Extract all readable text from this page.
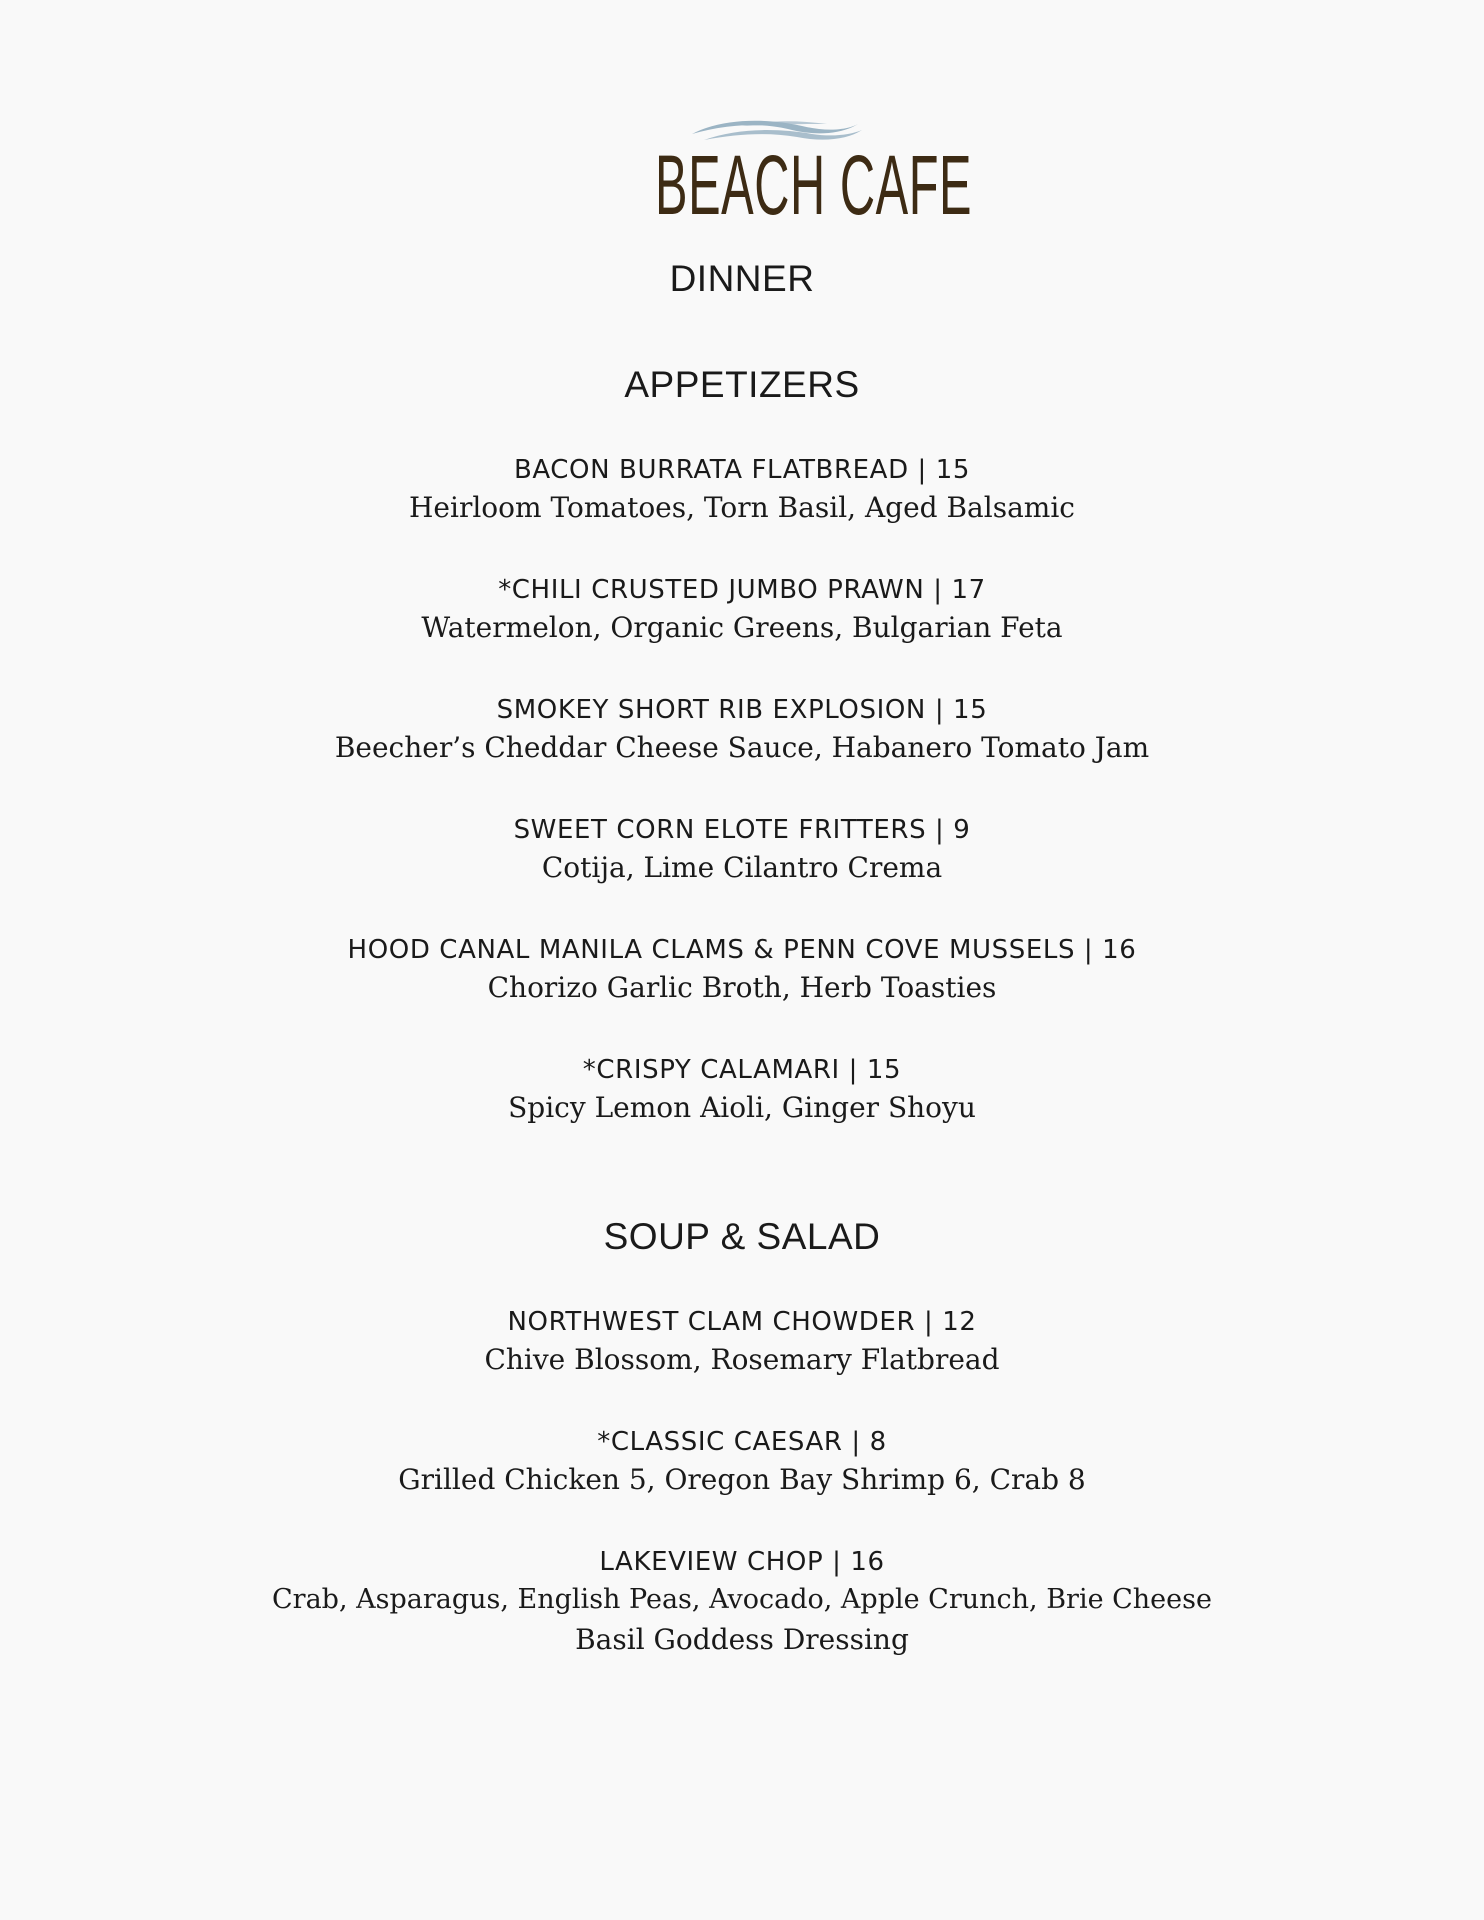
BEACH CAFE
DINNER
APPETIZERS
BACON BURRATA FLATBREAD | 15
Heirloom Tomatoes, Torn Basil, Aged Balsamic
*CHILI CRUSTED JUMBO PRAWN | 17
Watermelon, Organic Greens, Bulgarian Feta
SMOKEY SHORT RIB EXPLOSION | 15
Beecher’s Cheddar Cheese Sauce, Habanero Tomato Jam
SWEET CORN ELOTE FRITTERS | 9
Cotija, Lime Cilantro Crema
HOOD CANAL MANILA CLAMS & PENN COVE MUSSELS | 16
Chorizo Garlic Broth, Herb Toasties
*CRISPY CALAMARI | 15
Spicy Lemon Aioli, Ginger Shoyu
SOUP & SALAD
NORTHWEST CLAM CHOWDER | 12
Chive Blossom, Rosemary Flatbread
*CLASSIC CAESAR | 8
Grilled Chicken 5, Oregon Bay Shrimp 6, Crab 8
LAKEVIEW CHOP | 16
Crab, Asparagus, English Peas, Avocado, Apple Crunch, Brie Cheese
Basil Goddess Dressing
